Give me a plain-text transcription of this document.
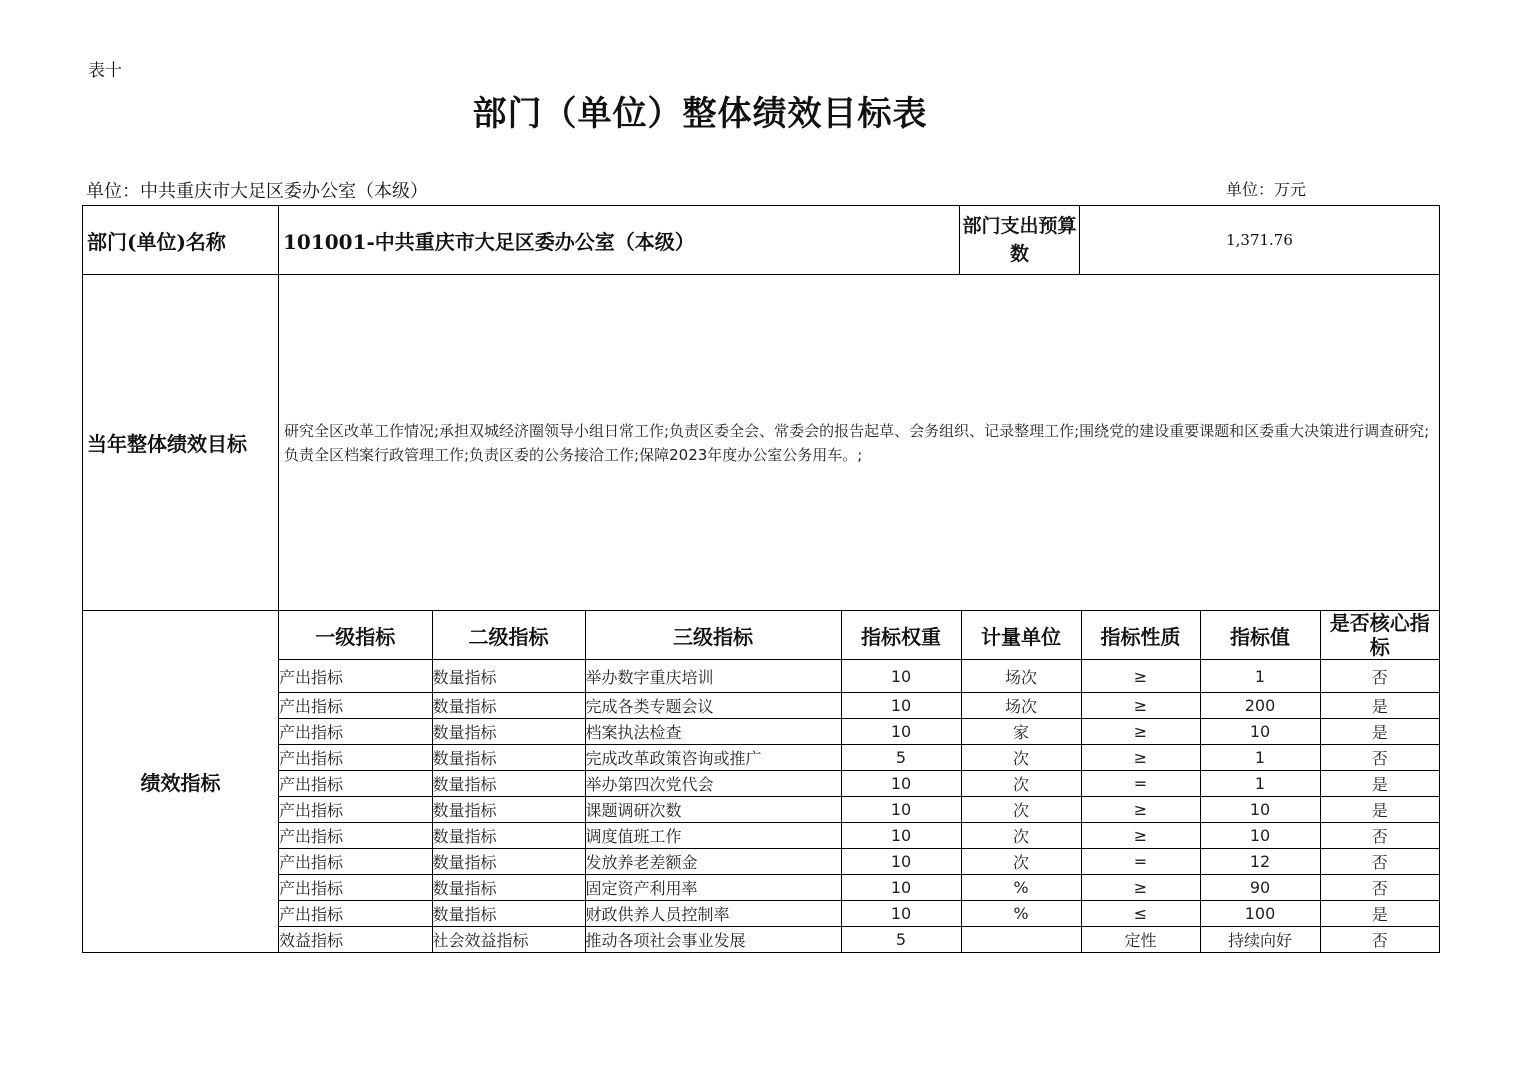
表十
部门（单位）整体绩效目标表
单位：中共重庆市大足区委办公室（本级）	单位：万元
部门(单位)名称	101001-中共重庆市大足区委办公室（本级）	部门支出预算数	1,371.76
当年整体绩效目标	研究全区改革工作情况;承担双城经济圈领导小组日常工作;负责区委全会、常委会的报告起草、会务组织、记录整理工作;围绕党的建设重要课题和区委重大决策进行调查研究;负责全区档案行政管理工作;负责区委的公务接洽工作;保障2023年度办公室公务用车。;
绩效指标	
一级指标	二级指标	三级指标	指标权重	计量单位	指标性质	指标值	是否核心指标
产出指标	数量指标	举办数字重庆培训	10	场次	≥	1	否
产出指标	数量指标	完成各类专题会议	10	场次	≥	200	是
产出指标	数量指标	档案执法检查	10	家	≥	10	是
产出指标	数量指标	完成改革政策咨询或推广	5	次	≥	1	否
产出指标	数量指标	举办第四次党代会	10	次	=	1	是
产出指标	数量指标	课题调研次数	10	次	≥	10	是
产出指标	数量指标	调度值班工作	10	次	≥	10	否
产出指标	数量指标	发放养老差额金	10	次	=	12	否
产出指标	数量指标	固定资产利用率	10	%	≥	90	否
产出指标	数量指标	财政供养人员控制率	10	%	≤	100	是
效益指标	社会效益指标	推动各项社会事业发展	5		定性	持续向好	否
